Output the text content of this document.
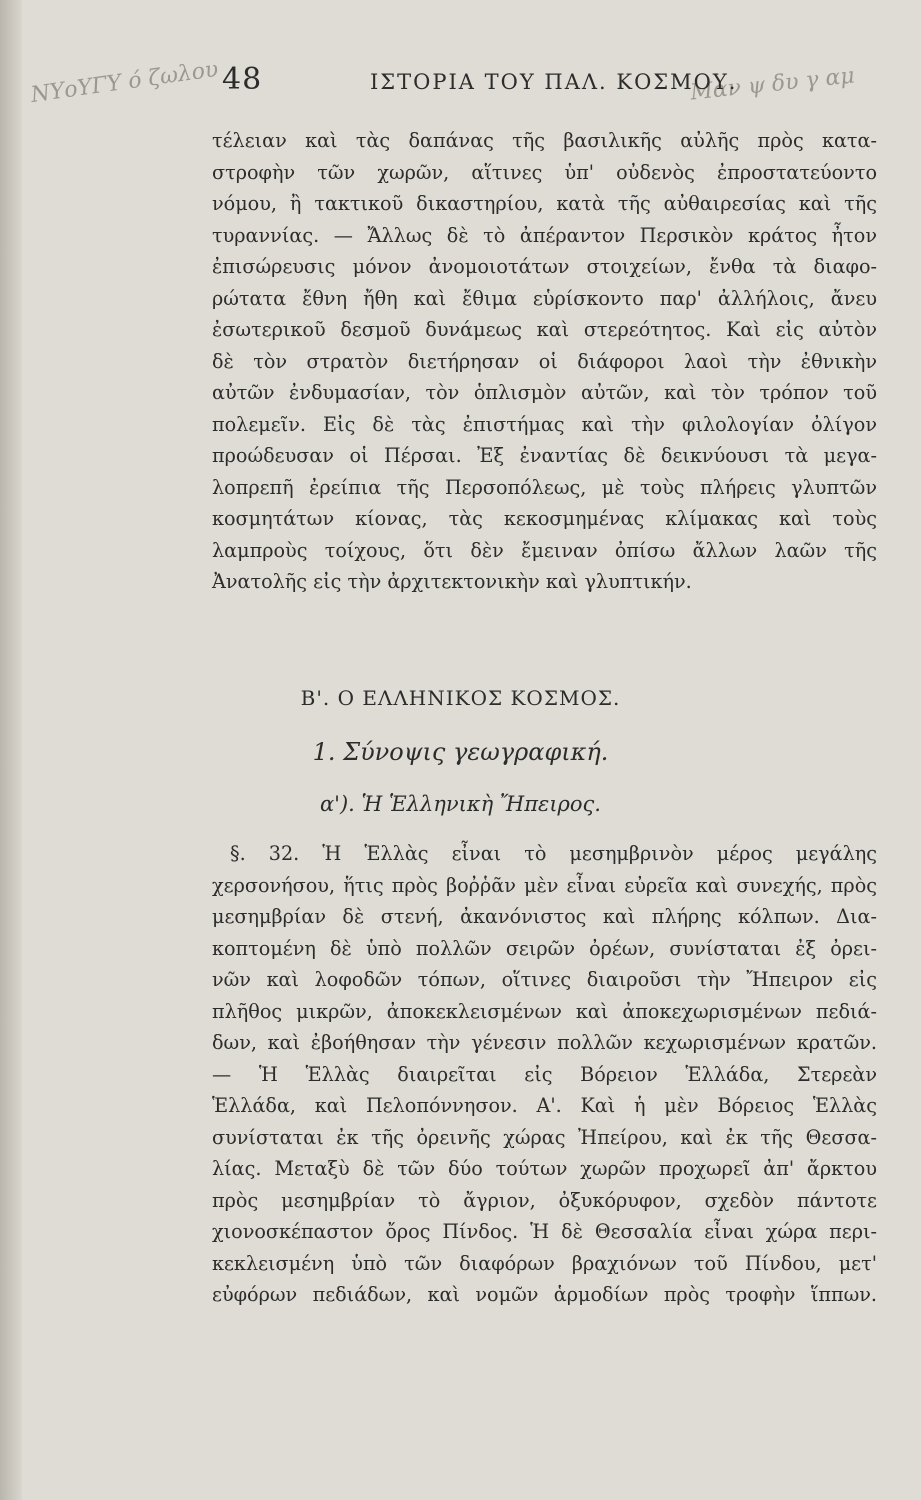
ΝΥοΥΓΥ ό ζωλου	Μαν ψ δυ γ αμ
48	ΙΣΤΟΡΙΑ ΤΟΥ ΠΑΛ. ΚΟΣΜΟΥ.
τέλειαν καὶ τὰς δαπάνας τῆς βασιλικῆς αὐλῆς πρὸς κατα-
στροφὴν τῶν χωρῶν, αἵτινες ὑπ' οὐδενὸς ἐπροστατεύοντο
νόμου, ἢ τακτικοῦ δικαστηρίου, κατὰ τῆς αὐθαιρεσίας καὶ τῆς
τυραννίας. — Ἄλλως δὲ τὸ ἀπέραντον Περσικὸν κράτος ἦτον
ἐπισώρευσις μόνον ἀνομοιοτάτων στοιχείων, ἔνθα τὰ διαφο-
ρώτατα ἔθνη ἤθη καὶ ἔθιμα εὑρίσκοντο παρ' ἀλλήλοις, ἄνευ
ἐσωτερικοῦ δεσμοῦ δυνάμεως καὶ στερεότητος. Καὶ εἰς αὐτὸν
δὲ τὸν στρατὸν διετήρησαν οἱ διάφοροι λαοὶ τὴν ἐθνικὴν
αὐτῶν ἐνδυμασίαν, τὸν ὁπλισμὸν αὐτῶν, καὶ τὸν τρόπον τοῦ
πολεμεῖν. Εἰς δὲ τὰς ἐπιστήμας καὶ τὴν φιλολογίαν ὀλίγον
προώδευσαν οἱ Πέρσαι. Ἐξ ἐναντίας δὲ δεικνύουσι τὰ μεγα-
λοπρεπῆ ἐρείπια τῆς Περσοπόλεως, μὲ τοὺς πλήρεις γλυπτῶν
κοσμητάτων κίονας, τὰς κεκοσμημένας κλίμακας καὶ τοὺς
λαμπροὺς τοίχους, ὅτι δὲν ἔμειναν ὀπίσω ἄλλων λαῶν τῆς
Ἀνατολῆς εἰς τὴν ἀρχιτεκτονικὴν καὶ γλυπτικήν.
Β'. Ο ΕΛΛΗΝΙΚΟΣ ΚΟΣΜΟΣ.
1. Σύνοψις γεωγραφική.
α'). Ἡ Ἑλληνικὴ Ἤπειρος.
§. 32. Ἡ Ἑλλὰς εἶναι τὸ μεσημβρινὸν μέρος μεγάλης
χερσονήσου, ἥτις πρὸς βοῤῥᾶν μὲν εἶναι εὐρεῖα καὶ συνεχής, πρὸς
μεσημβρίαν δὲ στενή, ἀκανόνιστος καὶ πλήρης κόλπων. Δια-
κοπτομένη δὲ ὑπὸ πολλῶν σειρῶν ὀρέων, συνίσταται ἐξ ὀρει-
νῶν καὶ λοφοδῶν τόπων, οἵτινες διαιροῦσι τὴν Ἤπειρον εἰς
πλῆθος μικρῶν, ἀποκεκλεισμένων καὶ ἀποκεχωρισμένων πεδιά-
δων, καὶ ἐβοήθησαν τὴν γένεσιν πολλῶν κεχωρισμένων κρατῶν.
— Ἡ Ἑλλὰς διαιρεῖται εἰς Βόρειον Ἑλλάδα, Στερεὰν
Ἑλλάδα, καὶ Πελοπόννησον. Α'. Καὶ ἡ μὲν Βόρειος Ἑλλὰς
συνίσταται ἐκ τῆς ὀρεινῆς χώρας Ἠπείρου, καὶ ἐκ τῆς Θεσσα-
λίας. Μεταξὺ δὲ τῶν δύο τούτων χωρῶν προχωρεῖ ἀπ' ἄρκτου
πρὸς μεσημβρίαν τὸ ἄγριον, ὀξυκόρυφον, σχεδὸν πάντοτε
χιονοσκέπαστον ὄρος Πίνδος. Ἡ δὲ Θεσσαλία εἶναι χώρα περι-
κεκλεισμένη ὑπὸ τῶν διαφόρων βραχιόνων τοῦ Πίνδου, μετ'
εὐφόρων πεδιάδων, καὶ νομῶν ἁρμοδίων πρὸς τροφὴν ἵππων.
